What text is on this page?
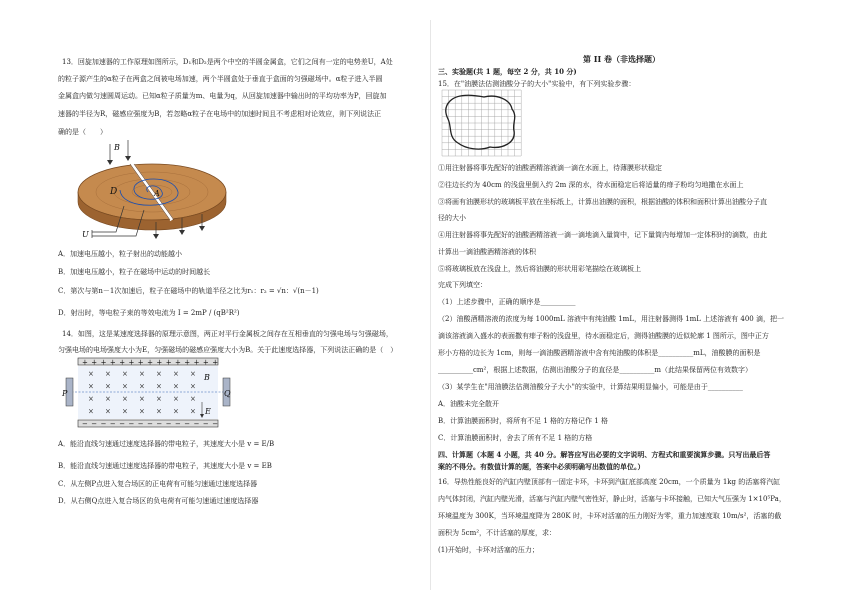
13．回旋加速器的工作原理如图所示，D₁和D₂是两个中空的半圆金属盒，它们之间有一定的电势差U，A处
的粒子源产生的α粒子在两盒之间被电场加速，两个半圆盒处于垂直于盒面的匀强磁场中。α粒子进入半圆
金属盒内做匀速圆周运动。已知α粒子质量为m、电量为q，从回旋加速器中输出时的平均功率为P，回旋加
速器的半径为R，磁感应强度为B，若忽略α粒子在电场中的加速时间且不考虑相对论效应，则下列说法正
确的是（　　）
B
D	A
U
A．加速电压越小，粒子射出的动能越小
B．加速电压越小，粒子在磁场中运动的时间越长
C．第次与第n－1次加速后，粒子在磁场中的轨道半径之比为r₁：r₂ = √n：√(n－1)
D．射出时，等电粒子束的等效电流为 I = 2mP / (qB²R²)
14．如图，这是某速度选择器的原理示意图，两正对平行金属板之间存在互相垂直的匀强电场与匀强磁场，
匀强电场的电场强度大小为E，匀强磁场的磁感应强度大小为B。关于此速度选择器，下列说法正确的是（　）
+ + + + + + + + + + + + + + +
− − − − − − − − − − − − − − −
× × × × × × ×
× × × × × × ×
× × × × × × ×
× × × × × × ×
P	Q
B
E
A．能沿直线匀速通过速度选择器的带电粒子，其速度大小是 v = E/B
B．能沿直线匀速通过速度选择器的带电粒子，其速度大小是 v = EB
C．从左侧P点进入复合场区的正电荷有可能匀速通过速度选择器
D．从右侧Q点进入复合场区的负电荷有可能匀速通过速度选择器
第 II 卷（非选择题）
三、实验题(共 1 题，每空 2 分，共 10 分)
15．在"油膜法估测油酸分子的大小"实验中，有下列实验步骤：
①用注射器将事先配好的油酸酒精溶液滴一滴在水面上，待薄膜形状稳定
②往边长约为 40cm 的浅盘里倒入约 2m 深的水，待水面稳定后将适量的痱子粉均匀地撒在水面上
③将画有油膜形状的玻璃板平放在坐标纸上，计算出油膜的面积，根据油酸的体积和面积计算出油酸分子直
径的大小
④用注射器将事先配好的油酸酒精溶液一滴一滴地滴入量筒中，记下量筒内每增加一定体积时的滴数，由此
计算出一滴油酸酒精溶液的体积
⑤将玻璃板放在浅盘上，然后将油膜的形状用彩笔描绘在玻璃板上
完成下列填空：
（1）上述步骤中，正确的顺序是__________
（2）油酸酒精溶液的浓度为每 1000mL 溶液中有纯油酸 1mL，用注射器测得 1mL 上述溶液有 400 滴，把一
滴该溶液滴入盛水的表面撒有痱子粉的浅盘里，待水面稳定后，测得油酸膜的近似轮廓 1 图所示，图中正方
形小方格的边长为 1cm，则每一滴油酸酒精溶液中含有纯油酸的体积是__________mL，油酸膜的面积是
__________cm²，根据上述数据，估测出油酸分子的直径是__________m（此结果保留两位有效数字）
（3）某学生在"用油膜法估测油酸分子大小"的实验中，计算结果明显偏小，可能是由于__________
A．油酸未完全散开
B．计算油膜面积时，将所有不足 1 格的方格记作 1 格
C．计算油膜面积时，舍去了所有不足 1 格的方格
四、计算题（本题 4 小题，共 40 分。解答应写出必要的文字说明、方程式和重要演算步骤。只写出最后答
案的不得分。有数值计算的题，答案中必须明确写出数值的单位。）
16．导热性能良好的汽缸内壁顶部有一固定卡环，卡环到汽缸底部高度 20cm，一个质量为 1kg 的活塞将汽缸
内气体封闭，汽缸内壁光滑，活塞与汽缸内壁气密性好，静止时，活塞与卡环接触，已知大气压强为 1×10⁵Pa，
环境温度为 300K，当环境温度降为 280K 时，卡环对活塞的压力刚好为零，重力加速度取 10m/s²，活塞的截
面积为 5cm²，不计活塞的厚度，求：
(1)开始时，卡环对活塞的压力；
